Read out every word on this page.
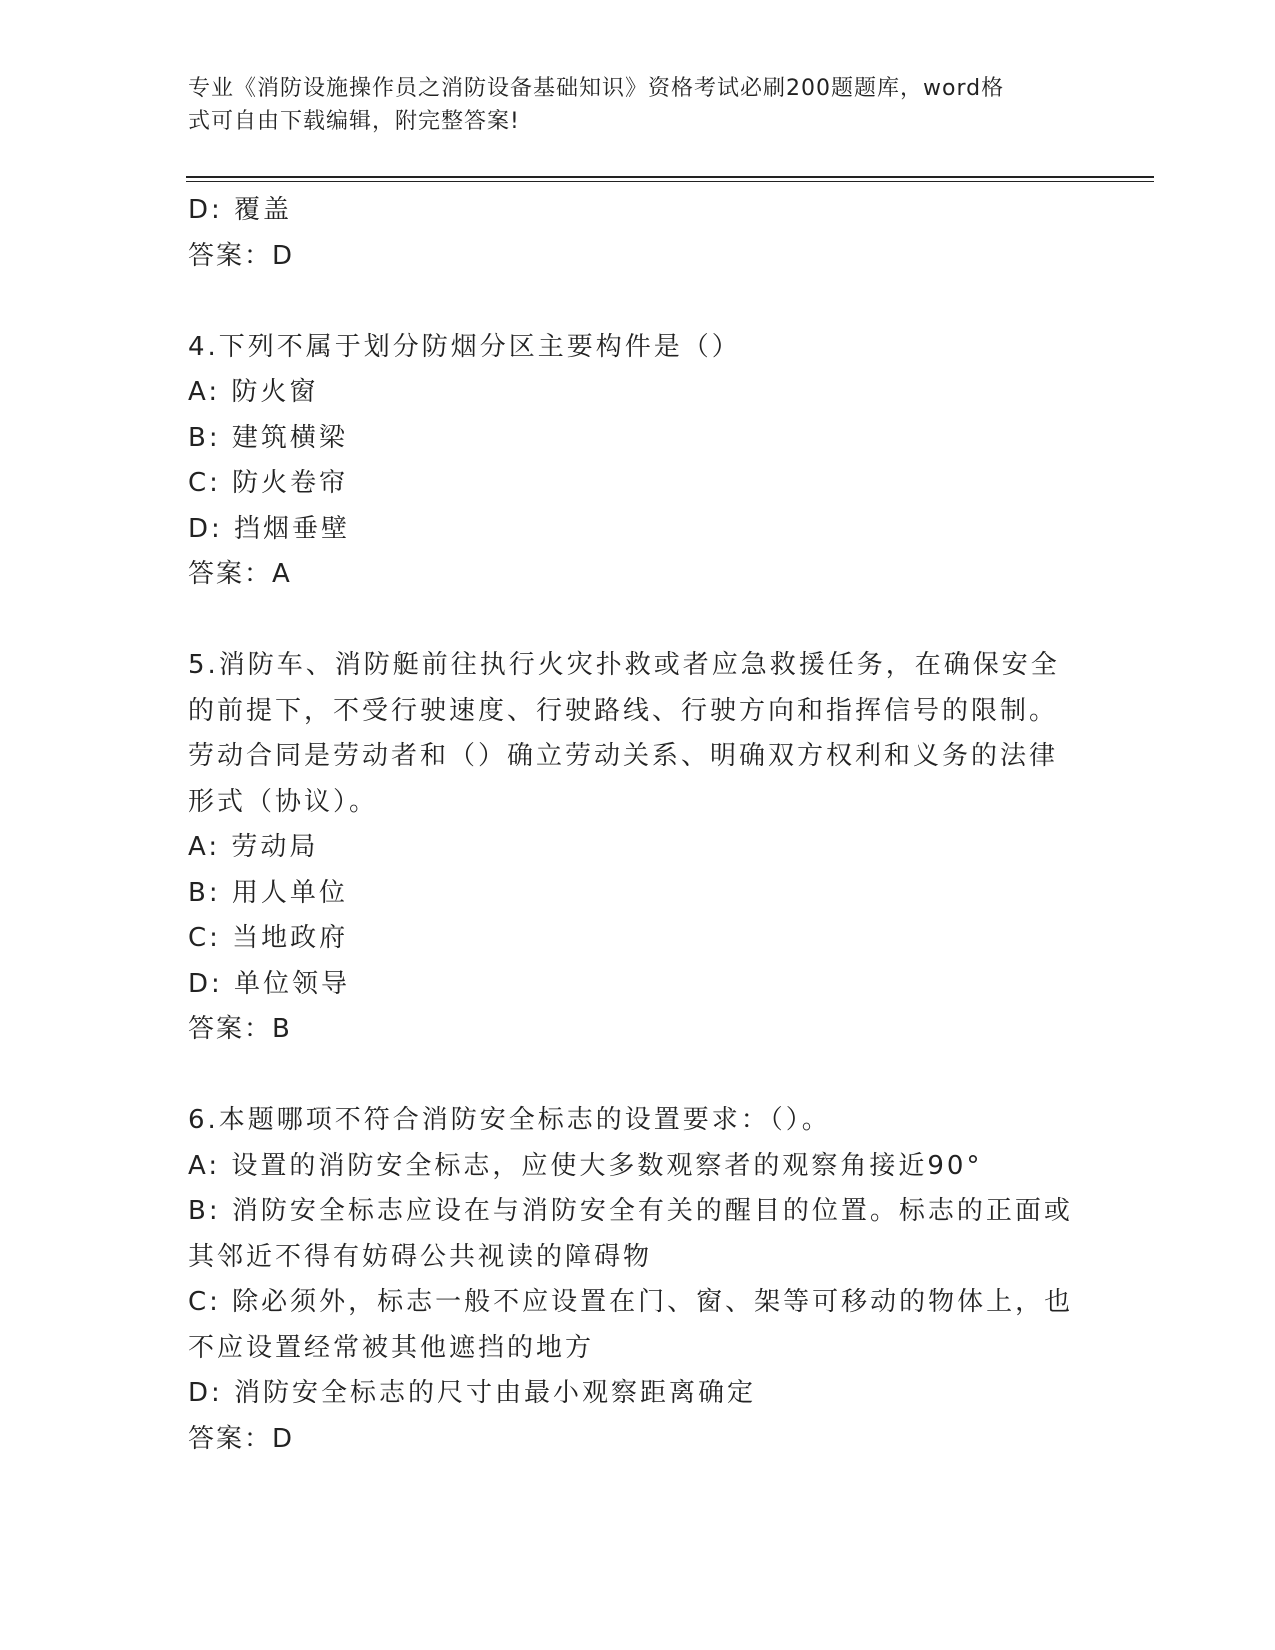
专业《消防设施操作员之消防设备基础知识》资格考试必刷200题题库，word格
式可自由下载编辑，附完整答案!
D: 覆盖
答案：D
4.下列不属于划分防烟分区主要构件是（）
A: 防火窗
B: 建筑横梁
C: 防火卷帘
D: 挡烟垂壁
答案：A
5.消防车、消防艇前往执行火灾扑救或者应急救援任务，在确保安全
的前提下，不受行驶速度、行驶路线、行驶方向和指挥信号的限制。
劳动合同是劳动者和（）确立劳动关系、明确双方权利和义务的法律
形式（协议）。
A: 劳动局
B: 用人单位
C: 当地政府
D: 单位领导
答案：B
6.本题哪项不符合消防安全标志的设置要求：（）。
A: 设置的消防安全标志，应使大多数观察者的观察角接近90°
B: 消防安全标志应设在与消防安全有关的醒目的位置。标志的正面或
其邻近不得有妨碍公共视读的障碍物
C: 除必须外，标志一般不应设置在门、窗、架等可移动的物体上，也
不应设置经常被其他遮挡的地方
D: 消防安全标志的尺寸由最小观察距离确定
答案：D
